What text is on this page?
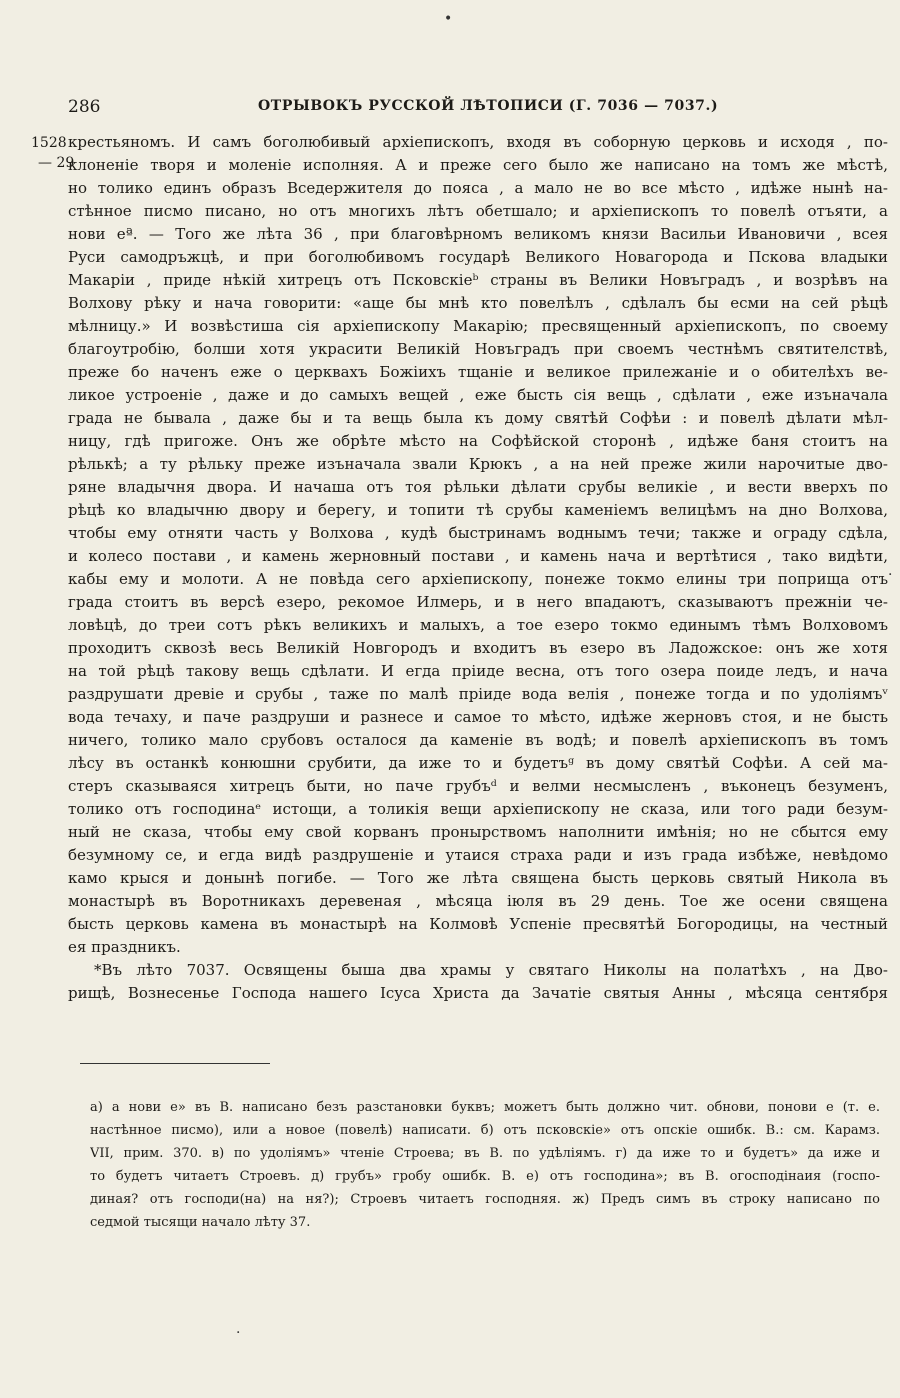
•
·
·
286	ОТРЫВОКЪ РУССКОЙ ЛѢТОПИСИ (Г. 7036 — 7037.)
1528
— 29
крестьяномъ. И самъ боголюбивый архіепископъ, входя въ соборную церковь и исходя , по-
клоненіе творя и моленіе исполняя. А и преже сего было же написано на томъ же мѣстѣ,
но толико единъ образъ Вседержителя до пояса , а мало не во все мѣсто , идѣже нынѣ на-
стѣнное писмо писано, но отъ многихъ лѣтъ обетшало; и архіепископъ то повелѣ отъяти, а
нови еª. — Того же лѣта 36 , при благовѣрномъ великомъ князи Васильи Ивановичи , всея
Руси самодръжцѣ, и при боголюбивомъ государѣ Великого Новагорода и Пскова владыки
Макаріи , приде нѣкій хитрецъ отъ Псковскіеᵇ страны въ Велики Новъградъ , и возрѣвъ на
Волхову рѣку и нача говорити: «аще бы мнѣ кто повелѣлъ , сдѣлалъ бы есми на сей рѣцѣ
мѣлницу.» И возвѣстиша сія архіепископу Макарію; пресвященный архіепископъ, по своему
благоутробію, болши хотя украсити Великій Новъградъ при своемъ честнѣмъ святителствѣ,
преже бо наченъ еже о церквахъ Божіихъ тщаніе и великое прилежаніе и о обителѣхъ ве-
ликое устроеніе , даже и до самыхъ вещей , еже бысть сія вещь , сдѣлати , еже изъначала
града не бывала , даже бы и та вещь была къ дому святѣй Софѣи : и повелѣ дѣлати мѣл-
ницу, гдѣ пригоже. Онъ же обрѣте мѣсто на Софѣйской сторонѣ , идѣже баня стоитъ на
рѣлькѣ; а ту рѣльку преже изъначала звали Крюкъ , а на ней преже жили нарочитые дво-
ряне владычня двора. И начаша отъ тоя рѣльки дѣлати срубы великіе , и вести вверхъ по
рѣцѣ ко владычню двору и берегу, и топити тѣ срубы каменіемъ велицѣмъ на дно Волхова,
чтобы ему отняти часть у Волхова , кудѣ быстринамъ воднымъ течи; также и ограду сдѣла,
и колесо постави , и камень жерновный постави , и камень нача и вертѣтися , тако видѣти,
кабы ему и молоти. А не повѣда сего архіепископу, понеже токмо елины три поприща отъ
града стоитъ въ версѣ езеро, рекомое Илмерь, и в него впадаютъ, сказываютъ прежніи че-
ловѣцѣ, до треи сотъ рѣкъ великихъ и малыхъ, а тое езеро токмо единымъ тѣмъ Волховомъ
проходитъ сквозѣ весь Великій Новгородъ и входитъ въ езеро въ Ладожское: онъ же хотя
на той рѣцѣ такову вещь сдѣлати. И егда пріиде весна, отъ того озера поиде ледъ, и нача
раздрушати древіе и срубы , таже по малѣ пріиде вода велія , понеже тогда и по удоліямъᵛ
вода течаху, и паче раздруши и разнесе и самое то мѣсто, идѣже жерновъ стоя, и не бысть
ничего, толико мало срубовъ осталося да каменіе въ водѣ; и повелѣ архіепископъ въ томъ
лѣсу въ останкѣ конюшни срубити, да иже то и будетъᵍ въ дому святѣй Софѣи. А сей ма-
стеръ сказываяся хитрецъ быти, но паче грубъᵈ и велми несмысленъ , въконецъ безуменъ,
толико отъ господинаᵉ истощи, а толикія вещи архіепископу не сказа, или того ради безум-
ный не сказа, чтобы ему свой корванъ пронырствомъ наполнити имѣнія; но не сбытся ему
безумному се, и егда видѣ раздрушеніе и утаися страха ради и изъ града избѣже, невѣдомо
камо крыся и донынѣ погибе. — Того же лѣта священа бысть церковь святый Никола въ
монастырѣ въ Воротникахъ деревеная , мѣсяца іюля въ 29 день. Тое же осени священа
бысть церковь камена въ монастырѣ на Колмовѣ Успеніе пресвятѣй Богородицы, на честный
ея праздникъ.
*Въ лѣто 7037. Освящены быша два храмы у святаго Николы на полатѣхъ , на Дво-
рищѣ, Вознесенье Господа нашего Ісуса Христа да Зачатіе святыя Анны , мѣсяца сентября
а) а нови е» въ В. написано безъ разстановки буквъ; можетъ быть должно чит. обнови, понови е (т. е.
настѣнное писмо), или а новое (повелѣ) написати. б) отъ псковскіе» отъ опскіе ошибк. В.: см. Карамз.
VII, прим. 370. в) по удоліямъ» чтеніе Строева; въ В. по удѣліямъ. г) да иже то и будетъ» да иже и
то будетъ читаетъ Строевъ. д) грубъ» гробу ошибк. В. е) отъ господина»; въ В. огосподінаия (госпо-
диная? отъ господи(на) на ня?); Строевъ читаетъ господняя. ж) Предъ симъ въ строку написано по
седмой тысящи начало лѣту 37.
